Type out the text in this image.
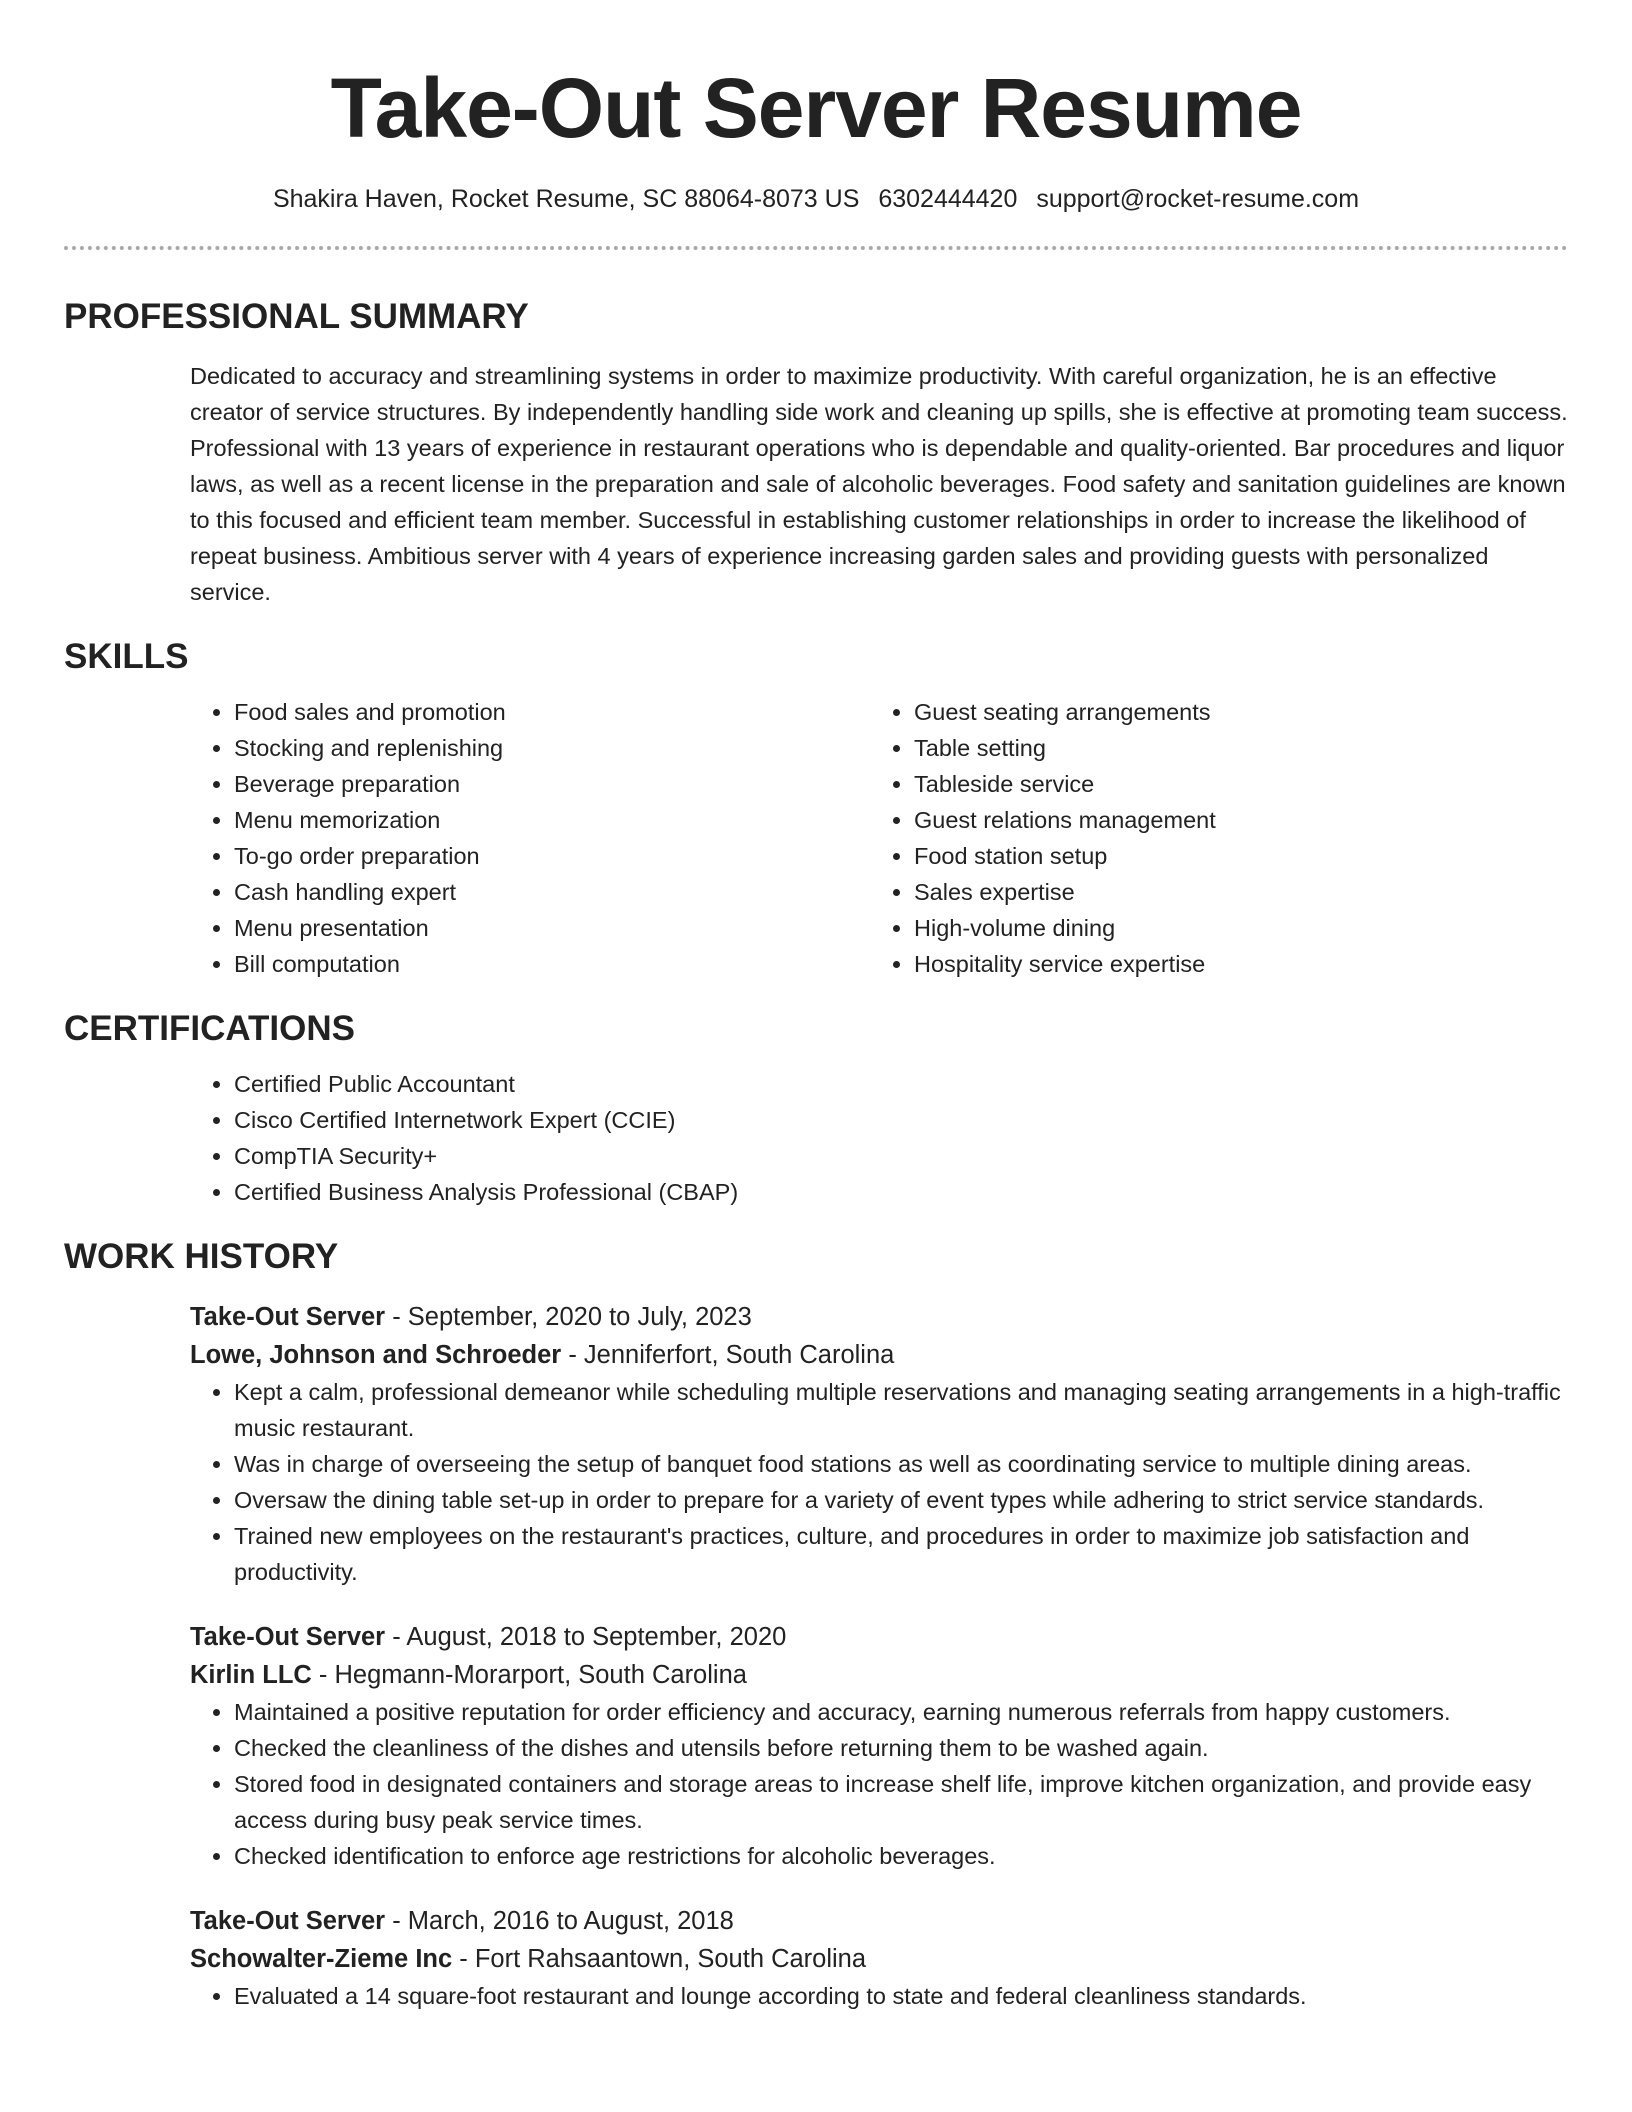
Take-Out Server Resume
Shakira Haven, Rocket Resume, SC 88064-8073 US 6302444420 support@rocket-resume.com
PROFESSIONAL SUMMARY
Dedicated to accuracy and streamlining systems in order to maximize productivity. With careful organization, he is an effective creator of service structures. By independently handling side work and cleaning up spills, she is effective at promoting team success. Professional with 13 years of experience in restaurant operations who is dependable and quality-oriented. Bar procedures and liquor laws, as well as a recent license in the preparation and sale of alcoholic beverages. Food safety and sanitation guidelines are known to this focused and efficient team member. Successful in establishing customer relationships in order to increase the likelihood of repeat business. Ambitious server with 4 years of experience increasing garden sales and providing guests with personalized service.
SKILLS
• Food sales and promotion
• Stocking and replenishing
• Beverage preparation
• Menu memorization
• To-go order preparation
• Cash handling expert
• Menu presentation
• Bill computation
• Guest seating arrangements
• Table setting
• Tableside service
• Guest relations management
• Food station setup
• Sales expertise
• High-volume dining
• Hospitality service expertise
CERTIFICATIONS
• Certified Public Accountant
• Cisco Certified Internetwork Expert (CCIE)
• CompTIA Security+
• Certified Business Analysis Professional (CBAP)
WORK HISTORY
Take-Out Server - September, 2020 to July, 2023
Lowe, Johnson and Schroeder - Jenniferfort, South Carolina
• Kept a calm, professional demeanor while scheduling multiple reservations and managing seating arrangements in a high-traffic music restaurant.
• Was in charge of overseeing the setup of banquet food stations as well as coordinating service to multiple dining areas.
• Oversaw the dining table set-up in order to prepare for a variety of event types while adhering to strict service standards.
• Trained new employees on the restaurant's practices, culture, and procedures in order to maximize job satisfaction and productivity.
Take-Out Server - August, 2018 to September, 2020
Kirlin LLC - Hegmann-Morarport, South Carolina
• Maintained a positive reputation for order efficiency and accuracy, earning numerous referrals from happy customers.
• Checked the cleanliness of the dishes and utensils before returning them to be washed again.
• Stored food in designated containers and storage areas to increase shelf life, improve kitchen organization, and provide easy access during busy peak service times.
• Checked identification to enforce age restrictions for alcoholic beverages.
Take-Out Server - March, 2016 to August, 2018
Schowalter-Zieme Inc - Fort Rahsaantown, South Carolina
• Evaluated a 14 square-foot restaurant and lounge according to state and federal cleanliness standards.
